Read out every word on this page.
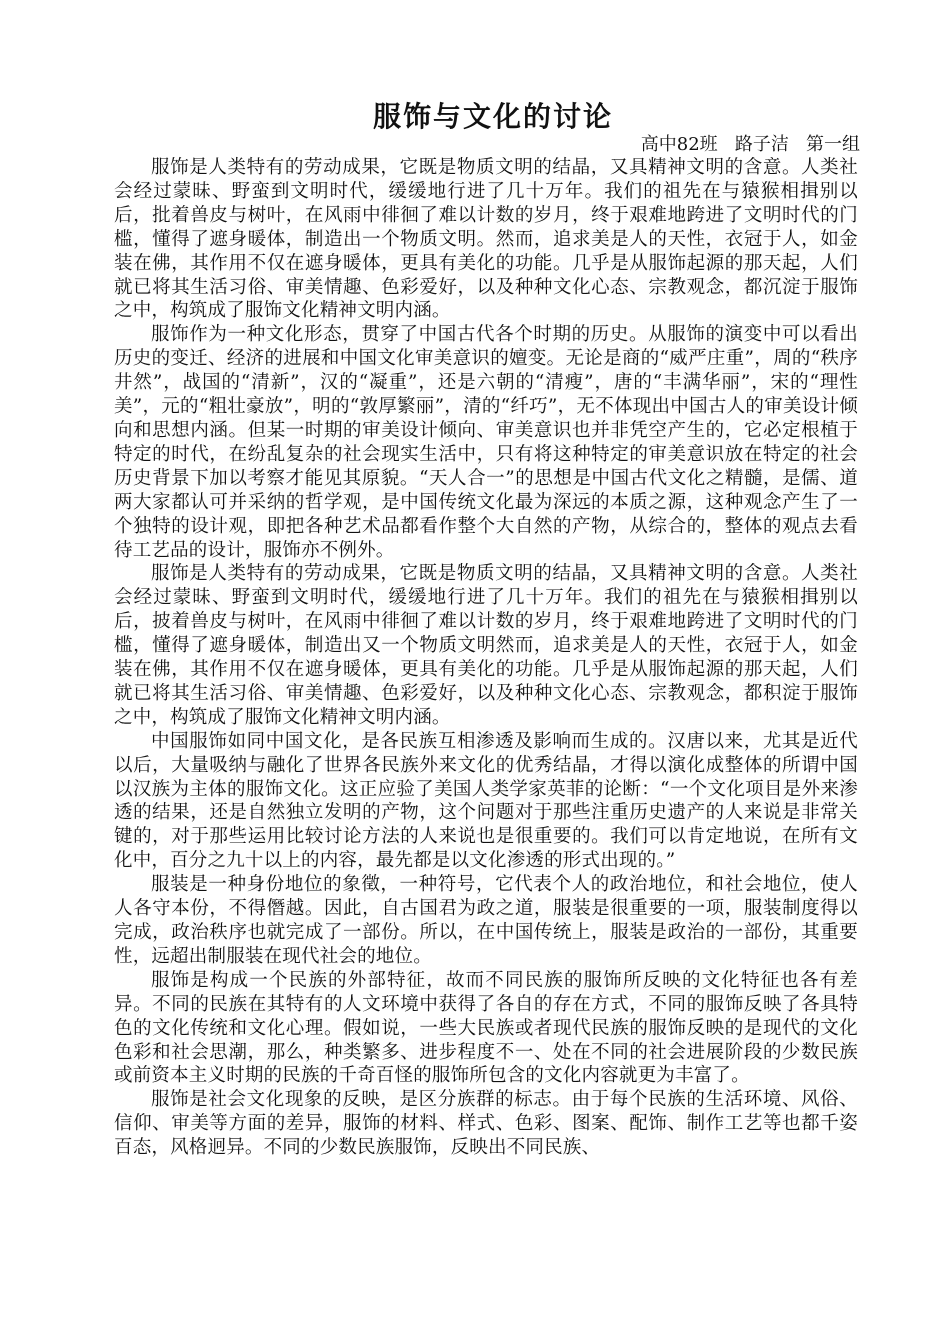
服饰与文化的讨论
高中82班   路子洁   第一组

服饰是人类特有的劳动成果，它既是物质文明的结晶，又具精神文明的含意。人类社会经过蒙昧、野蛮到文明时代，缓缓地行进了几十万年。我们的祖先在与猿猴相揖别以后，批着兽皮与树叶，在风雨中徘徊了难以计数的岁月，终于艰难地跨进了文明时代的门槛，懂得了遮身暖体，制造出一个物质文明。然而，追求美是人的天性，衣冠于人，如金装在佛，其作用不仅在遮身暖体，更具有美化的功能。几乎是从服饰起源的那天起，人们就已将其生活习俗、审美情趣、色彩爱好，以及种种文化心态、宗教观念，都沉淀于服饰之中，构筑成了服饰文化精神文明内涵。

服饰作为一种文化形态，贯穿了中国古代各个时期的历史。从服饰的演变中可以看出历史的变迁、经济的进展和中国文化审美意识的嬗变。无论是商的“威严庄重”，周的“秩序井然”，战国的“清新”，汉的“凝重”，还是六朝的“清瘦”，唐的“丰满华丽”，宋的“理性美”，元的“粗壮豪放”，明的“敦厚繁丽”，清的“纤巧”，无不体现出中国古人的审美设计倾向和思想内涵。但某一时期的审美设计倾向、审美意识也并非凭空产生的，它必定根植于特定的时代，在纷乱复杂的社会现实生活中，只有将这种特定的审美意识放在特定的社会历史背景下加以考察才能见其原貌。“天人合一”的思想是中国古代文化之精髓，是儒、道两大家都认可并采纳的哲学观，是中国传统文化最为深远的本质之源，这种观念产生了一个独特的设计观，即把各种艺术品都看作整个大自然的产物，从综合的，整体的观点去看待工艺品的设计，服饰亦不例外。

服饰是人类特有的劳动成果，它既是物质文明的结晶，又具精神文明的含意。人类社会经过蒙昧、野蛮到文明时代，缓缓地行进了几十万年。我们的祖先在与猿猴相揖别以后，披着兽皮与树叶，在风雨中徘徊了难以计数的岁月，终于艰难地跨进了文明时代的门槛，懂得了遮身暖体，制造出又一个物质文明然而，追求美是人的天性，衣冠于人，如金装在佛，其作用不仅在遮身暖体，更具有美化的功能。几乎是从服饰起源的那天起，人们就已将其生活习俗、审美情趣、色彩爱好，以及种种文化心态、宗教观念，都积淀于服饰之中，构筑成了服饰文化精神文明内涵。

中国服饰如同中国文化，是各民族互相渗透及影响而生成的。汉唐以来，尤其是近代以后，大量吸纳与融化了世界各民族外来文化的优秀结晶，才得以演化成整体的所谓中国以汉族为主体的服饰文化。这正应验了美国人类学家英菲的论断：“一个文化项目是外来渗透的结果，还是自然独立发明的产物，这个问题对于那些注重历史遗产的人来说是非常关键的，对于那些运用比较讨论方法的人来说也是很重要的。我们可以肯定地说，在所有文化中，百分之九十以上的内容，最先都是以文化渗透的形式出现的。”

服装是一种身份地位的象徵，一种符号，它代表个人的政治地位，和社会地位，使人人各守本份，不得僭越。因此，自古国君为政之道，服装是很重要的一项，服装制度得以完成，政治秩序也就完成了一部份。所以，在中国传统上，服装是政治的一部份，其重要性，远超出制服装在现代社会的地位。

服饰是构成一个民族的外部特征，故而不同民族的服饰所反映的文化特征也各有差异。不同的民族在其特有的人文环境中获得了各自的存在方式，不同的服饰反映了各具特色的文化传统和文化心理。假如说，一些大民族或者现代民族的服饰反映的是现代的文化色彩和社会思潮，那么，种类繁多、进步程度不一、处在不同的社会进展阶段的少数民族或前资本主义时期的民族的千奇百怪的服饰所包含的文化内容就更为丰富了。

服饰是社会文化现象的反映，是区分族群的标志。由于每个民族的生活环境、风俗、信仰、审美等方面的差异，服饰的材料、样式、色彩、图案、配饰、制作工艺等也都千姿百态，风格迥异。不同的少数民族服饰，反映出不同民族、
